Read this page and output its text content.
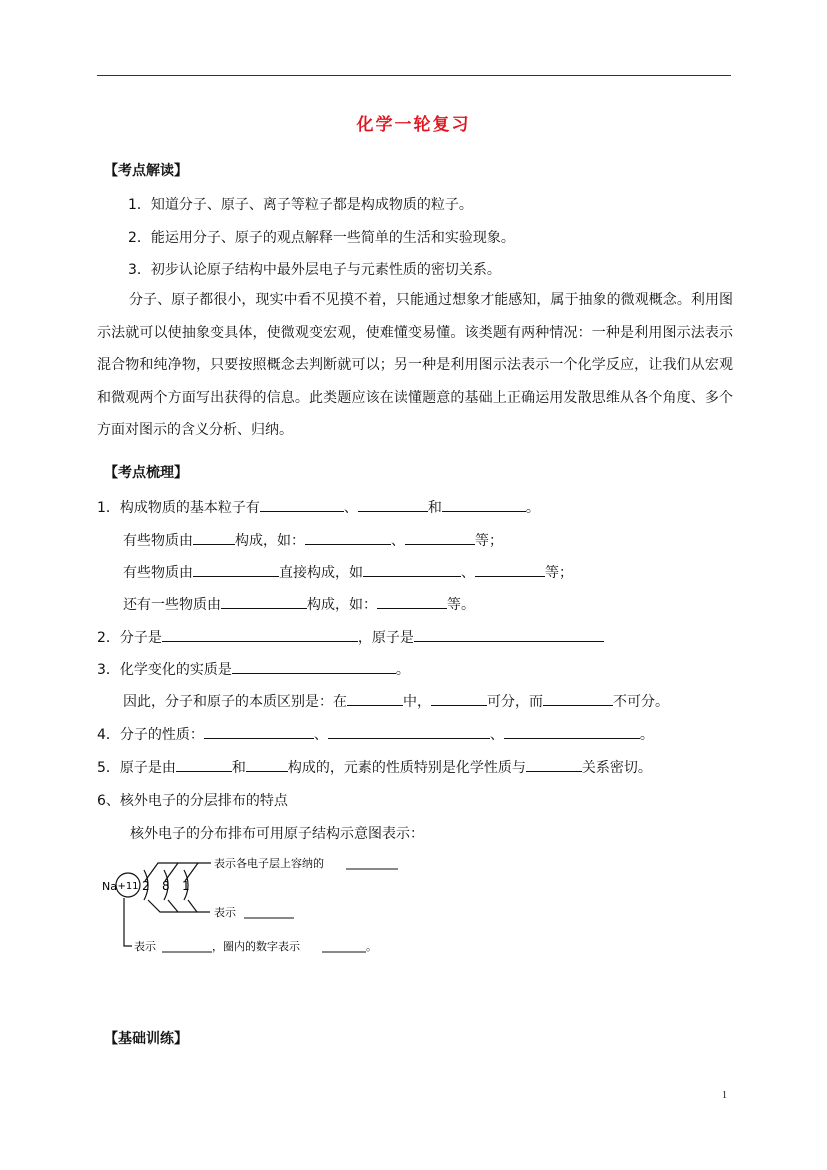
化学一轮复习
【考点解读】
1．知道分子、原子、离子等粒子都是构成物质的粒子。
2．能运用分子、原子的观点解释一些简单的生活和实验现象。
3．初步认论原子结构中最外层电子与元素性质的密切关系。
分子、原子都很小，现实中看不见摸不着，只能通过想象才能感知，属于抽象的微观概念。利用图示法就可以使抽象变具体，使微观变宏观，使难懂变易懂。该类题有两种情况：一种是利用图示法表示混合物和纯净物，只要按照概念去判断就可以；另一种是利用图示法表示一个化学反应，让我们从宏观和微观两个方面写出获得的信息。此类题应该在读懂题意的基础上正确运用发散思维从各个角度、多个方面对图示的含义分析、归纳。
【考点梳理】
1．构成物质的基本粒子有	、	和	。
有些物质由	构成，如：	、	等；
有些物质由	直接构成，如	、	等；
还有一些物质由	构成，如：	等。
2．分子是	，原子是
3．化学变化的实质是	。
因此，分子和原子的本质区别是：在	中，	可分，而	不可分。
4．分子的性质：	、	、	。
5．原子是由	和	构成的，元素的性质特别是化学性质与	关系密切。
6、核外电子的分层排布的特点
核外电子的分布排布可用原子结构示意图表示：
Na +11 2 8 1
表示各电子层上容纳的
表示
表示	，圈内的数字表示	。
【基础训练】
1
